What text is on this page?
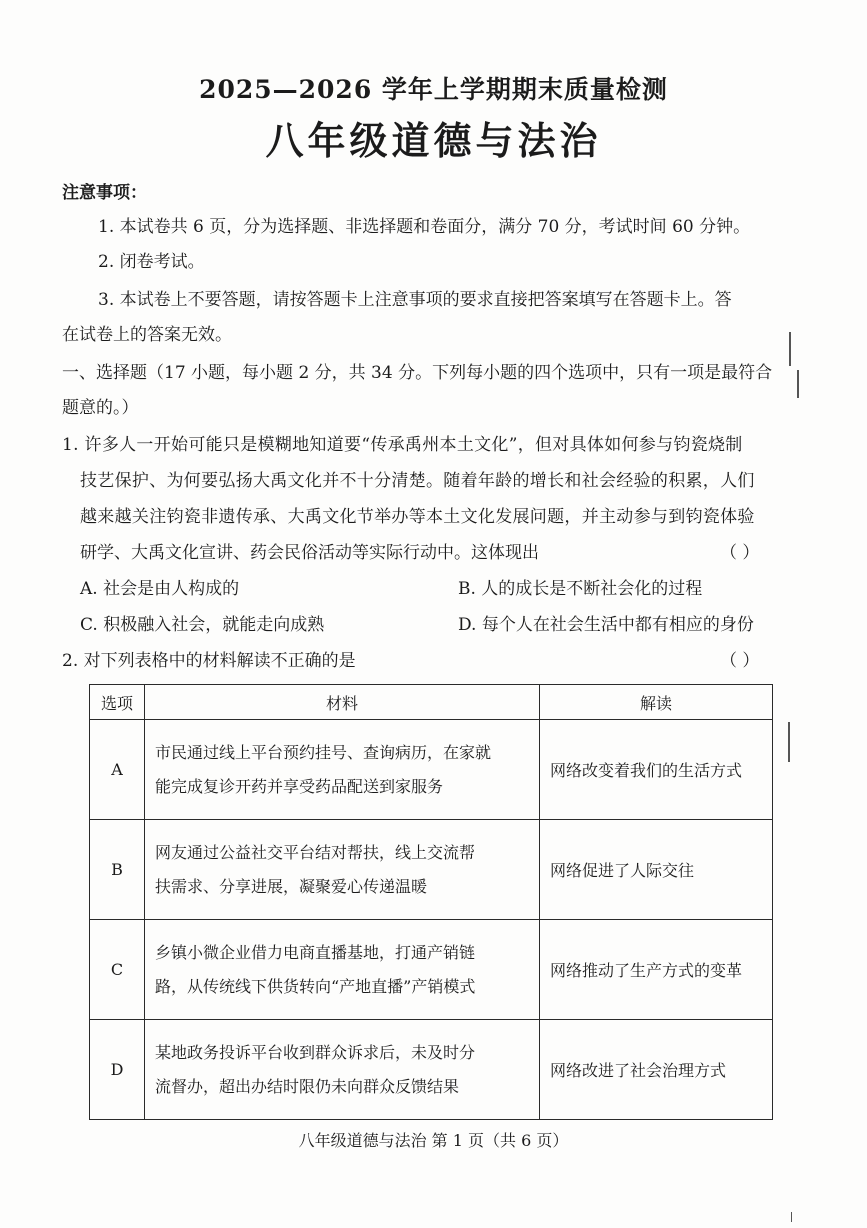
2025—2026 学年上学期期末质量检测
八年级道德与法治
注意事项：
1. 本试卷共 6 页，分为选择题、非选择题和卷面分，满分 70 分，考试时间 60 分钟。
2. 闭卷考试。
3. 本试卷上不要答题，请按答题卡上注意事项的要求直接把答案填写在答题卡上。答
在试卷上的答案无效。
一、选择题（17 小题，每小题 2 分，共 34 分。下列每小题的四个选项中，只有一项是最符合
题意的。）
1. 许多人一开始可能只是模糊地知道要“传承禹州本土文化”，但对具体如何参与钧瓷烧制
技艺保护、为何要弘扬大禹文化并不十分清楚。随着年龄的增长和社会经验的积累，人们
越来越关注钧瓷非遗传承、大禹文化节举办等本土文化发展问题，并主动参与到钧瓷体验
研学、大禹文化宣讲、药会民俗活动等实际行动中。这体现出	（ ）
A. 社会是由人构成的	B. 人的成长是不断社会化的过程
C. 积极融入社会，就能走向成熟	D. 每个人在社会生活中都有相应的身份
2. 对下列表格中的材料解读不正确的是	（ ）
选项	材料	解读
A	市民通过线上平台预约挂号、查询病历，在家就
能完成复诊开药并享受药品配送到家服务	网络改变着我们的生活方式
B	网友通过公益社交平台结对帮扶，线上交流帮
扶需求、分享进展，凝聚爱心传递温暖	网络促进了人际交往
C	乡镇小微企业借力电商直播基地，打通产销链
路，从传统线下供货转向“产地直播”产销模式	网络推动了生产方式的变革
D	某地政务投诉平台收到群众诉求后，未及时分
流督办，超出办结时限仍未向群众反馈结果	网络改进了社会治理方式
八年级道德与法治 第 1 页（共 6 页）
